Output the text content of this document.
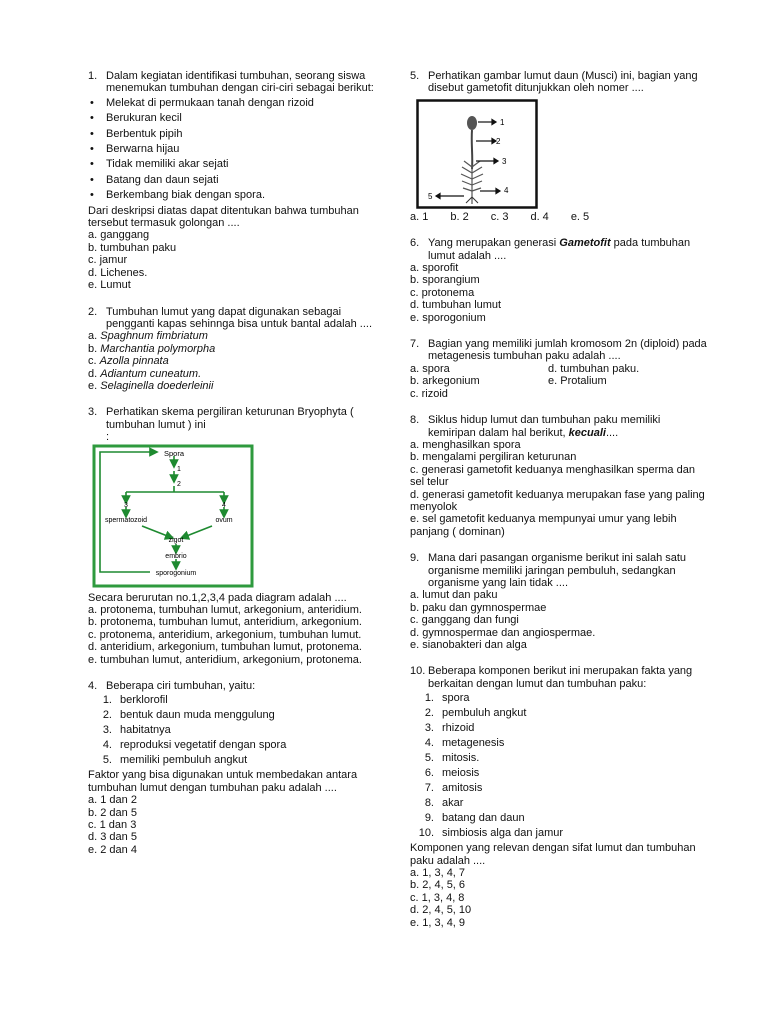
1. Dalam kegiatan identifikasi tumbuhan, seorang siswa menemukan tumbuhan dengan ciri-ciri sebagai berikut:
• Melekat di permukaan tanah dengan rizoid
• Berukuran kecil
• Berbentuk pipih
• Berwarna hijau
• Tidak memiliki akar sejati
• Batang dan daun sejati
• Berkembang biak dengan spora.
Dari deskripsi diatas dapat ditentukan bahwa tumbuhan tersebut termasuk golongan ....
a. ganggang
b. tumbuhan paku
c. jamur
d. Lichenes.
e. Lumut
2. Tumbuhan lumut yang dapat digunakan sebagai pengganti kapas sehinnga bisa untuk bantal adalah ....
a. Spaghnum fimbriatum
b. Marchantia polymorpha
c. Azolla pinnata
d. Adiantum cuneatum.
e. Selaginella doederleinii
3. Perhatikan skema pergiliran keturunan Bryophyta ( tumbuhan lumut ) ini
:
Spora
1
2
3	4
spermatozoid	ovum
zigot
embrio
sporogonium
Secara berurutan no.1,2,3,4 pada diagram adalah ....
a. protonema, tumbuhan lumut, arkegonium, anteridium.
b. protonema, tumbuhan lumut, anteridium, arkegonium.
c. protonema, anteridium, arkegonium, tumbuhan lumut.
d. anteridium, arkegonium, tumbuhan lumut, protonema.
e. tumbuhan lumut, anteridium, arkegonium, protonema.
4. Beberapa ciri tumbuhan, yaitu:
1. berklorofil
2. bentuk daun muda menggulung
3. habitatnya
4. reproduksi vegetatif dengan spora
5. memiliki pembuluh angkut
Faktor yang bisa digunakan untuk membedakan antara tumbuhan lumut dengan tumbuhan paku adalah ....
a. 1 dan 2
b. 2 dan 5
c. 1 dan 3
d. 3 dan 5
e. 2 dan 4
5. Perhatikan gambar lumut daun (Musci) ini, bagian yang disebut gametofit ditunjukkan oleh nomer ....
1
2
3
4
5
a. 1 b. 2 c. 3 d. 4 e. 5
6. Yang merupakan generasi Gametofit pada tumbuhan lumut adalah ....
a. sporofit
b. sporangium
c. protonema
d. tumbuhan lumut
e. sporogonium
7. Bagian yang memiliki jumlah kromosom 2n (diploid) pada metagenesis tumbuhan paku adalah ....
a. spora	d. tumbuhan paku.
b. arkegonium	e. Protalium
c. rizoid
8. Siklus hidup lumut dan tumbuhan paku memiliki kemiripan dalam hal berikut, kecuali....
a. menghasilkan spora
b. mengalami pergiliran keturunan
c. generasi gametofit keduanya menghasilkan sperma dan sel telur
d. generasi gametofit keduanya merupakan fase yang paling menyolok
e. sel gametofit keduanya mempunyai umur yang lebih panjang ( dominan)
9. Mana dari pasangan organisme berikut ini salah satu organisme memiliki jaringan pembuluh, sedangkan organisme yang lain tidak ....
a. lumut dan paku
b. paku dan gymnospermae
c. ganggang dan fungi
d. gymnospermae dan angiospermae.
e. sianobakteri dan alga
10. Beberapa komponen berikut ini merupakan fakta yang berkaitan dengan lumut dan tumbuhan paku:
1. spora
2. pembuluh angkut
3. rhizoid
4. metagenesis
5. mitosis.
6. meiosis
7. amitosis
8. akar
9. batang dan daun
10. simbiosis alga dan jamur
Komponen yang relevan dengan sifat lumut dan tumbuhan paku adalah ....
a. 1, 3, 4, 7
b. 2, 4, 5, 6
c. 1, 3, 4, 8
d. 2, 4, 5, 10
e. 1, 3, 4, 9
